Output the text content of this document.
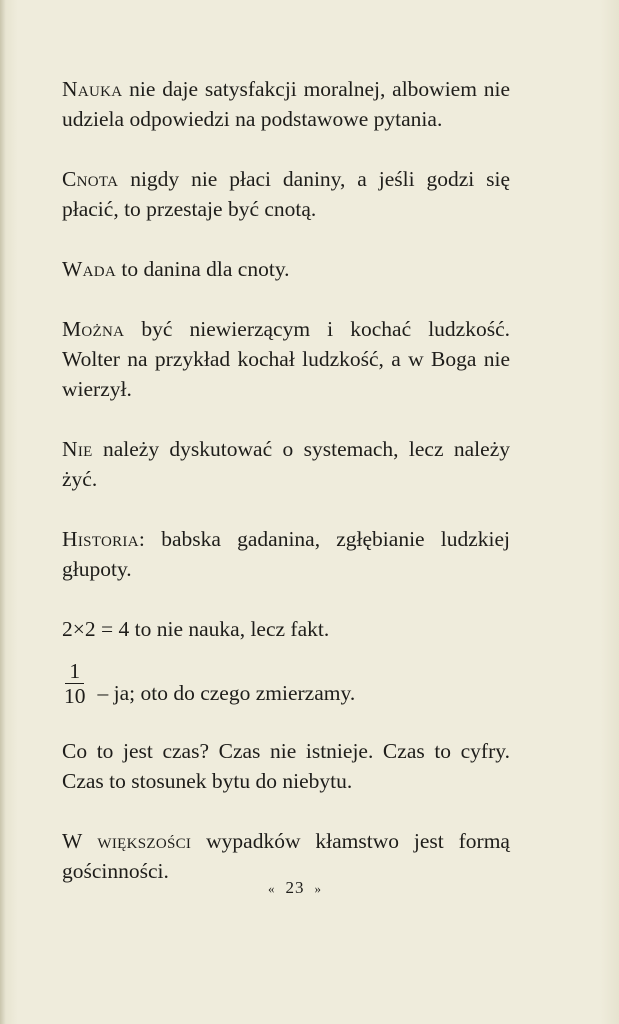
Nauka nie daje satysfakcji moralnej, albowiem nie udziela odpowiedzi na podstawowe pytania.

Cnota nigdy nie płaci daniny, a jeśli godzi się płacić, to przestaje być cnotą.

Wada to danina dla cnoty.

Można być niewierzącym i kochać ludzkość. Wolter na przykład kochał ludzkość, a w Boga nie wierzył.

Nie należy dyskutować o systemach, lecz należy żyć.

Historia: babska gadanina, zgłębianie ludzkiej głupoty.

2×2 = 4 to nie nauka, lecz fakt.

$\frac{1}{10}$ – ja; oto do czego zmierzamy.

Co to jest czas? Czas nie istnieje. Czas to cyfry. Czas to stosunek bytu do niebytu.

W większości wypadków kłamstwo jest formą gościnności.

« 23 »
